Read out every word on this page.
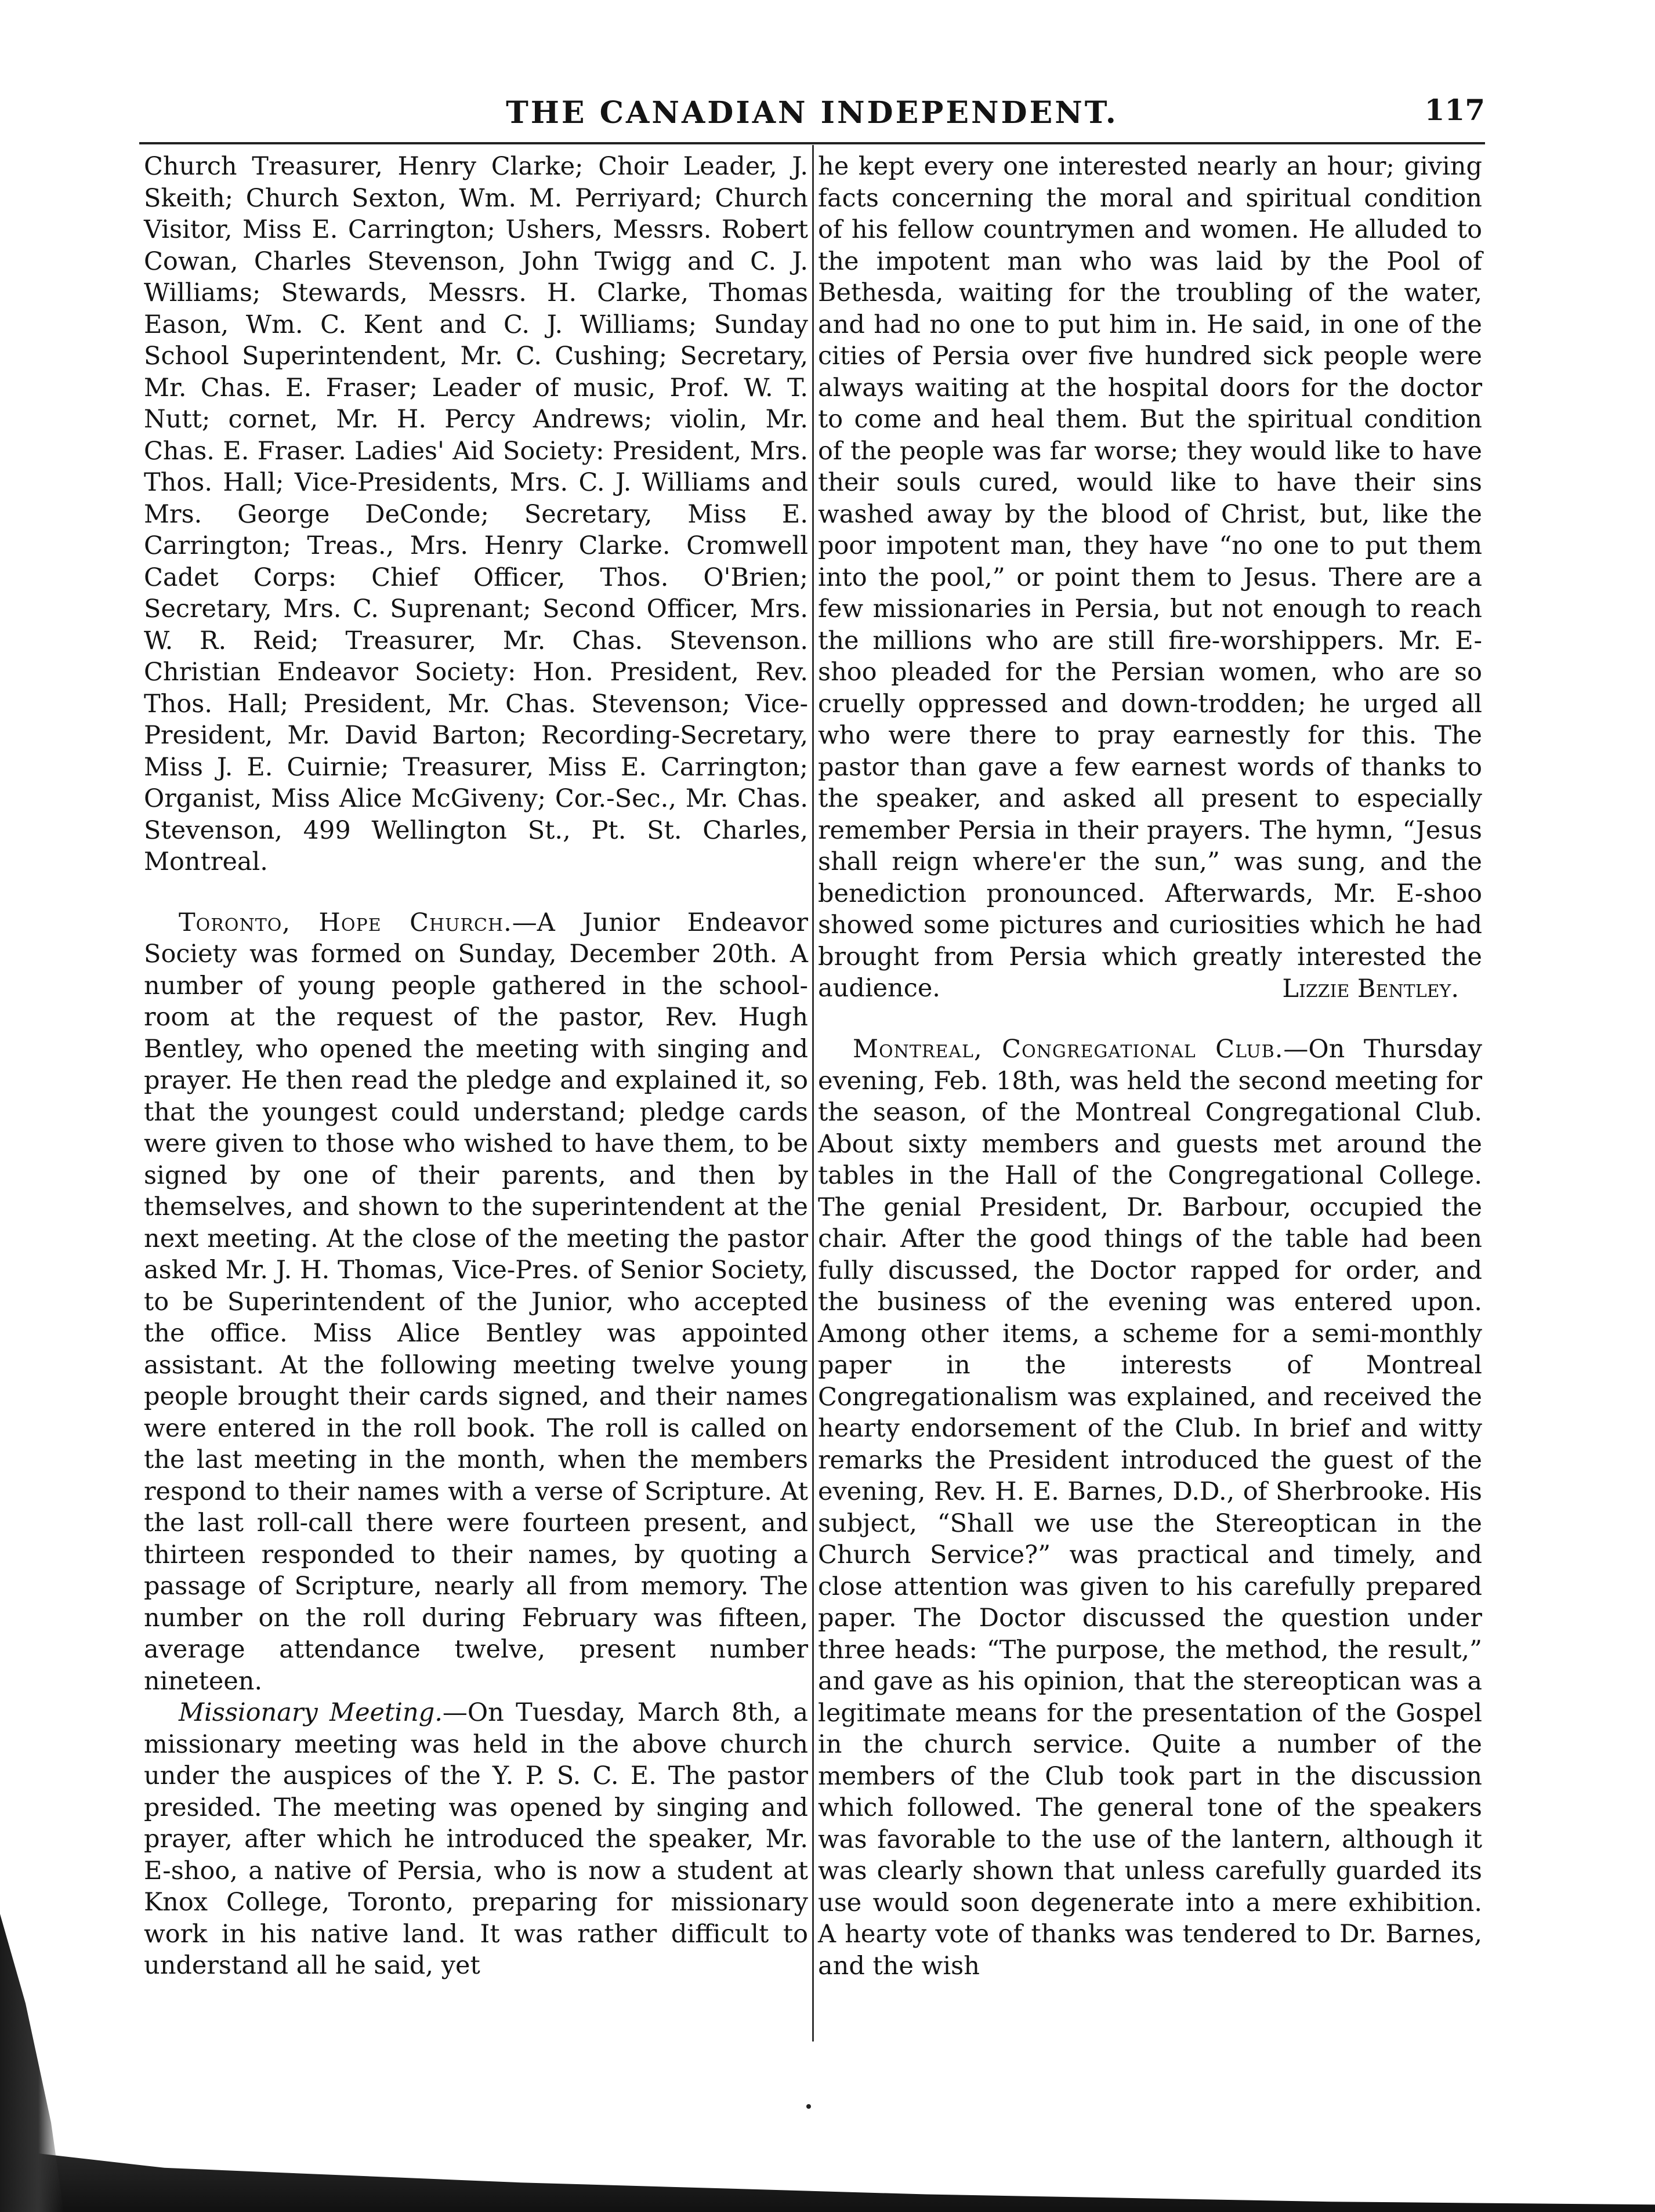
THE CANADIAN INDEPENDENT.	117

Church Treasurer, Henry Clarke; Choir Leader, J. Skeith; Church Sexton, Wm. M. Perriyard; Church Visitor, Miss E. Carrington; Ushers, Messrs. Robert Cowan, Charles Stevenson, John Twigg and C. J. Williams; Stewards, Messrs. H. Clarke, Thomas Eason, Wm. C. Kent and C. J. Williams; Sunday School Superintendent, Mr. C. Cushing; Secretary, Mr. Chas. E. Fraser; Leader of music, Prof. W. T. Nutt; cornet, Mr. H. Percy Andrews; violin, Mr. Chas. E. Fraser. Ladies' Aid Society: President, Mrs. Thos. Hall; Vice-Presidents, Mrs. C. J. Williams and Mrs. George DeConde; Secretary, Miss E. Carrington; Treas., Mrs. Henry Clarke. Cromwell Cadet Corps: Chief Officer, Thos. O'Brien; Secretary, Mrs. C. Suprenant; Second Officer, Mrs. W. R. Reid; Treasurer, Mr. Chas. Stevenson. Christian Endeavor Society: Hon. President, Rev. Thos. Hall; President, Mr. Chas. Stevenson; Vice-President, Mr. David Barton; Recording-Secretary, Miss J. E. Cuirnie; Treasurer, Miss E. Carrington; Organist, Miss Alice McGiveny; Cor.-Sec., Mr. Chas. Stevenson, 499 Wellington St., Pt. St. Charles, Montreal.

Toronto, Hope Church.—A Junior Endeavor Society was formed on Sunday, December 20th. A number of young people gathered in the school-room at the request of the pastor, Rev. Hugh Bentley, who opened the meeting with singing and prayer. He then read the pledge and explained it, so that the youngest could understand; pledge cards were given to those who wished to have them, to be signed by one of their parents, and then by themselves, and shown to the superintendent at the next meeting. At the close of the meeting the pastor asked Mr. J. H. Thomas, Vice-Pres. of Senior Society, to be Superintendent of the Junior, who accepted the office. Miss Alice Bentley was appointed assistant. At the following meeting twelve young people brought their cards signed, and their names were entered in the roll book. The roll is called on the last meeting in the month, when the members respond to their names with a verse of Scripture. At the last roll-call there were fourteen present, and thirteen responded to their names, by quoting a passage of Scripture, nearly all from memory. The number on the roll during February was fifteen, average attendance twelve, present number nineteen.

Missionary Meeting.—On Tuesday, March 8th, a missionary meeting was held in the above church under the auspices of the Y. P. S. C. E. The pastor presided. The meeting was opened by singing and prayer, after which he introduced the speaker, Mr. E-shoo, a native of Persia, who is now a student at Knox College, Toronto, preparing for missionary work in his native land. It was rather difficult to understand all he said, yet

he kept every one interested nearly an hour; giving facts concerning the moral and spiritual condition of his fellow countrymen and women. He alluded to the impotent man who was laid by the Pool of Bethesda, waiting for the troubling of the water, and had no one to put him in. He said, in one of the cities of Persia over five hundred sick people were always waiting at the hospital doors for the doctor to come and heal them. But the spiritual condition of the people was far worse; they would like to have their souls cured, would like to have their sins washed away by the blood of Christ, but, like the poor impotent man, they have “no one to put them into the pool,” or point them to Jesus. There are a few missionaries in Persia, but not enough to reach the millions who are still fire-worshippers. Mr. E-shoo pleaded for the Persian women, who are so cruelly oppressed and down-trodden; he urged all who were there to pray earnestly for this. The pastor than gave a few earnest words of thanks to the speaker, and asked all present to especially remember Persia in their prayers. The hymn, “Jesus shall reign where'er the sun,” was sung, and the benediction pronounced. Afterwards, Mr. E-shoo showed some pictures and curiosities which he had brought from Persia which greatly interested the audience.	Lizzie Bentley.

Montreal, Congregational Club.—On Thursday evening, Feb. 18th, was held the second meeting for the season, of the Montreal Congregational Club. About sixty members and guests met around the tables in the Hall of the Congregational College. The genial President, Dr. Barbour, occupied the chair. After the good things of the table had been fully discussed, the Doctor rapped for order, and the business of the evening was entered upon. Among other items, a scheme for a semi-monthly paper in the interests of Montreal Congregationalism was explained, and received the hearty endorsement of the Club. In brief and witty remarks the President introduced the guest of the evening, Rev. H. E. Barnes, D.D., of Sherbrooke. His subject, “Shall we use the Stereoptican in the Church Service?” was practical and timely, and close attention was given to his carefully prepared paper. The Doctor discussed the question under three heads: “The purpose, the method, the result,” and gave as his opinion, that the stereoptican was a legitimate means for the presentation of the Gospel in the church service. Quite a number of the members of the Club took part in the discussion which followed. The general tone of the speakers was favorable to the use of the lantern, although it was clearly shown that unless carefully guarded its use would soon degenerate into a mere exhibition. A hearty vote of thanks was tendered to Dr. Barnes, and the wish
